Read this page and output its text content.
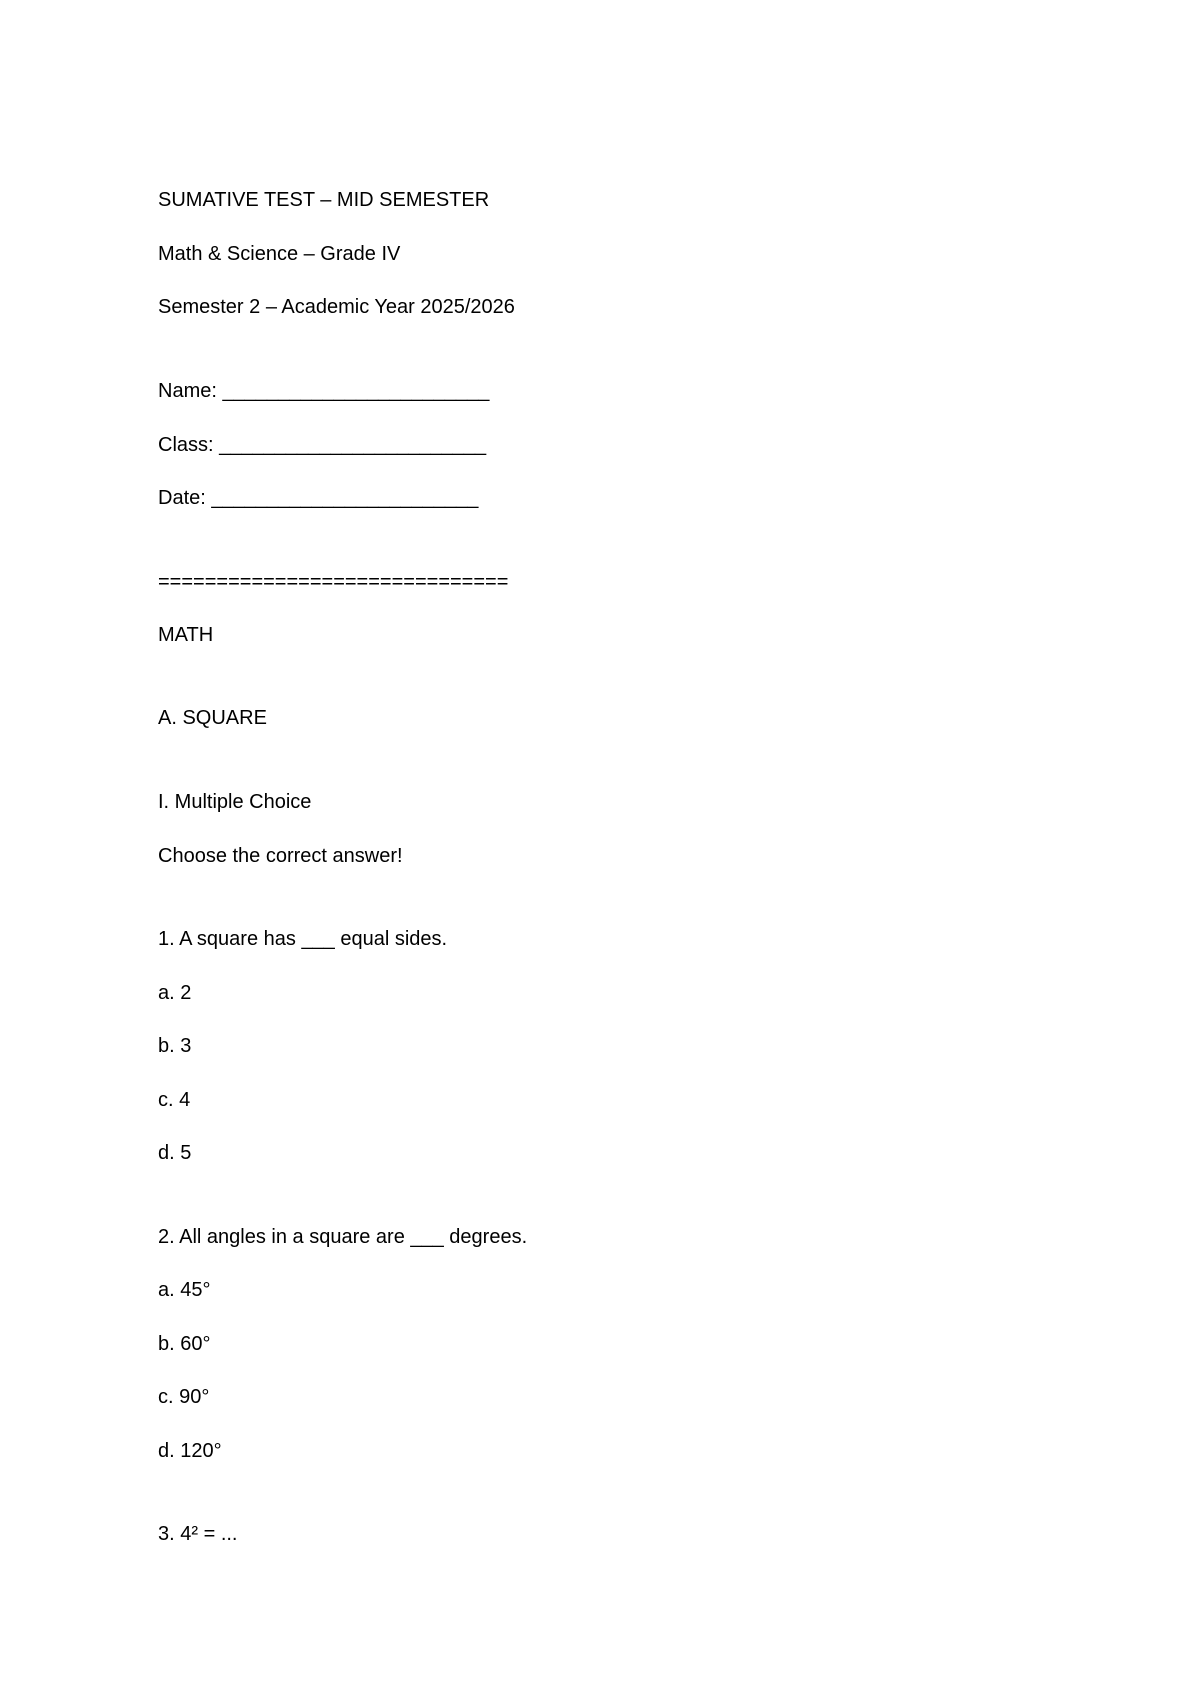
SUMATIVE TEST – MID SEMESTER
Math & Science – Grade IV
Semester 2 – Academic Year 2025/2026
Name: ________________________
Class: ________________________
Date: ________________________
==============================
MATH
A. SQUARE
I. Multiple Choice
Choose the correct answer!
1. A square has ___ equal sides.
a. 2
b. 3
c. 4
d. 5
2. All angles in a square are ___ degrees.
a. 45°
b. 60°
c. 90°
d. 120°
3. 4² = ...
